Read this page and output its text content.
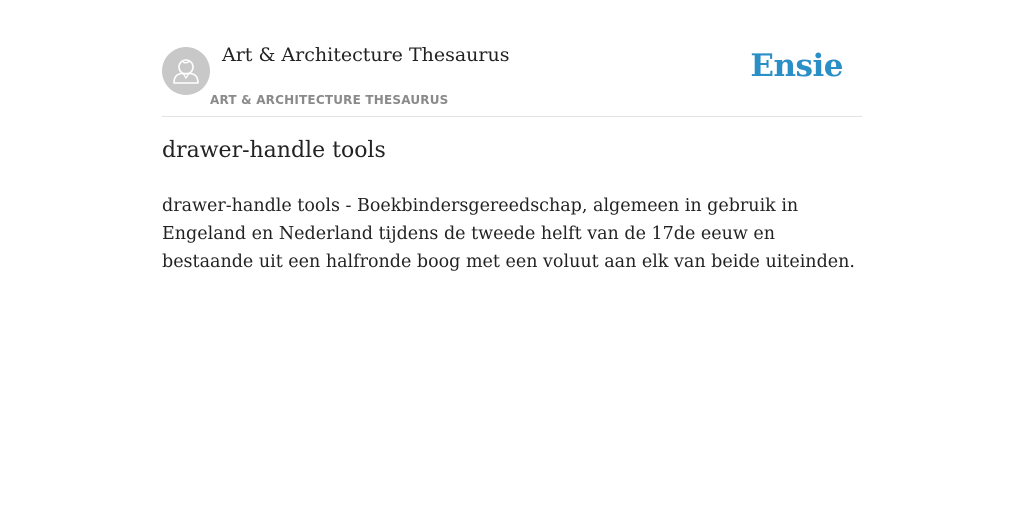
Art & Architecture Thesaurus
ART & ARCHITECTURE THESAURUS
Ensie
drawer-handle tools

drawer-handle tools - Boekbindersgereedschap, algemeen in gebruik in Engeland en Nederland tijdens de tweede helft van de 17de eeuw en bestaande uit een halfronde boog met een voluut aan elk van beide uiteinden.
